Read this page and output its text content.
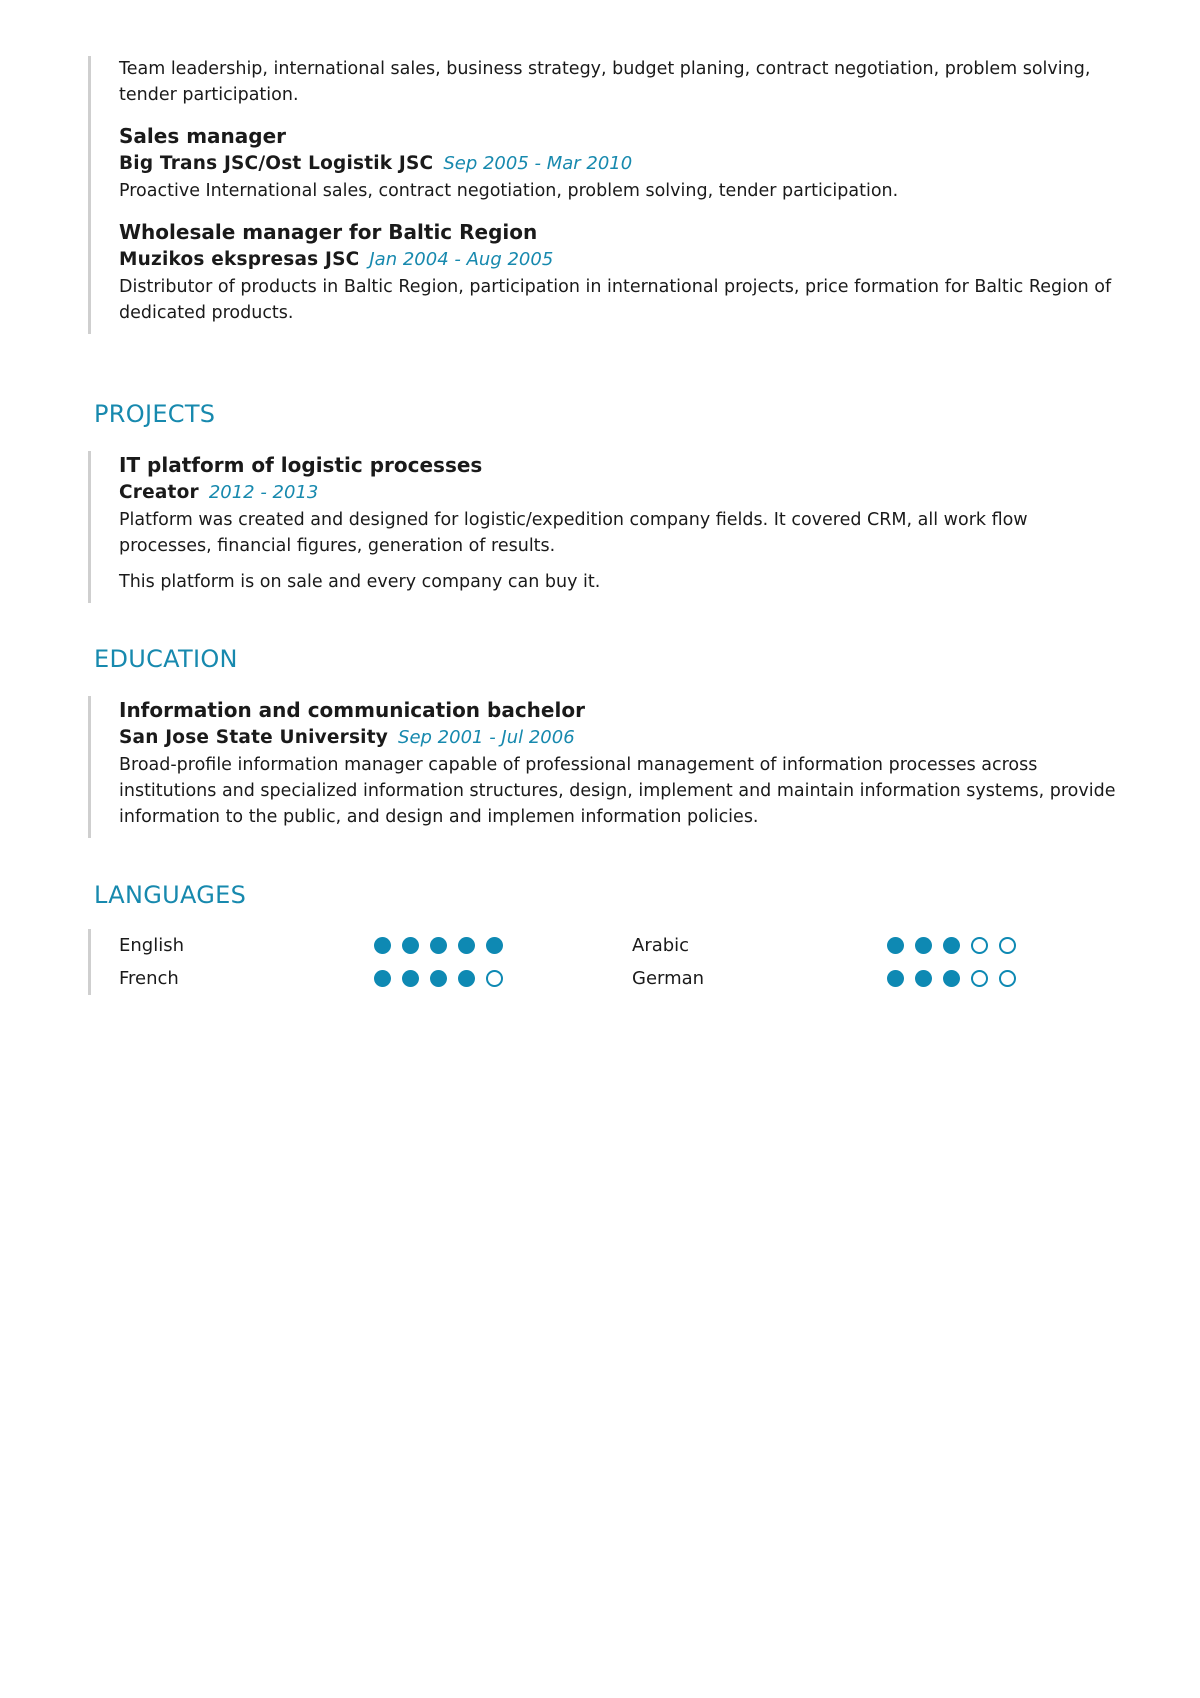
Team leadership, international sales, business strategy, budget planing, contract negotiation, problem solving, tender participation.

Sales manager

Big Trans JSC/Ost Logistik JSC Sep 2005 - Mar 2010

Proactive International sales, contract negotiation, problem solving, tender participation.

Wholesale manager for Baltic Region

Muzikos ekspresas JSC Jan 2004 - Aug 2005

Distributor of products in Baltic Region, participation in international projects, price formation for Baltic Region of dedicated products.

PROJECTS

IT platform of logistic processes

Creator 2012 - 2013

Platform was created and designed for logistic/expedition company fields. It covered CRM, all work flow processes, financial figures, generation of results.

This platform is on sale and every company can buy it.

EDUCATION

Information and communication bachelor

San Jose State University Sep 2001 - Jul 2006

Broad-profile information manager capable of professional management of information processes across institutions and specialized information structures, design, implement and maintain information systems, provide information to the public, and design and implemen information policies.

LANGUAGES
English	Arabic
French	German
